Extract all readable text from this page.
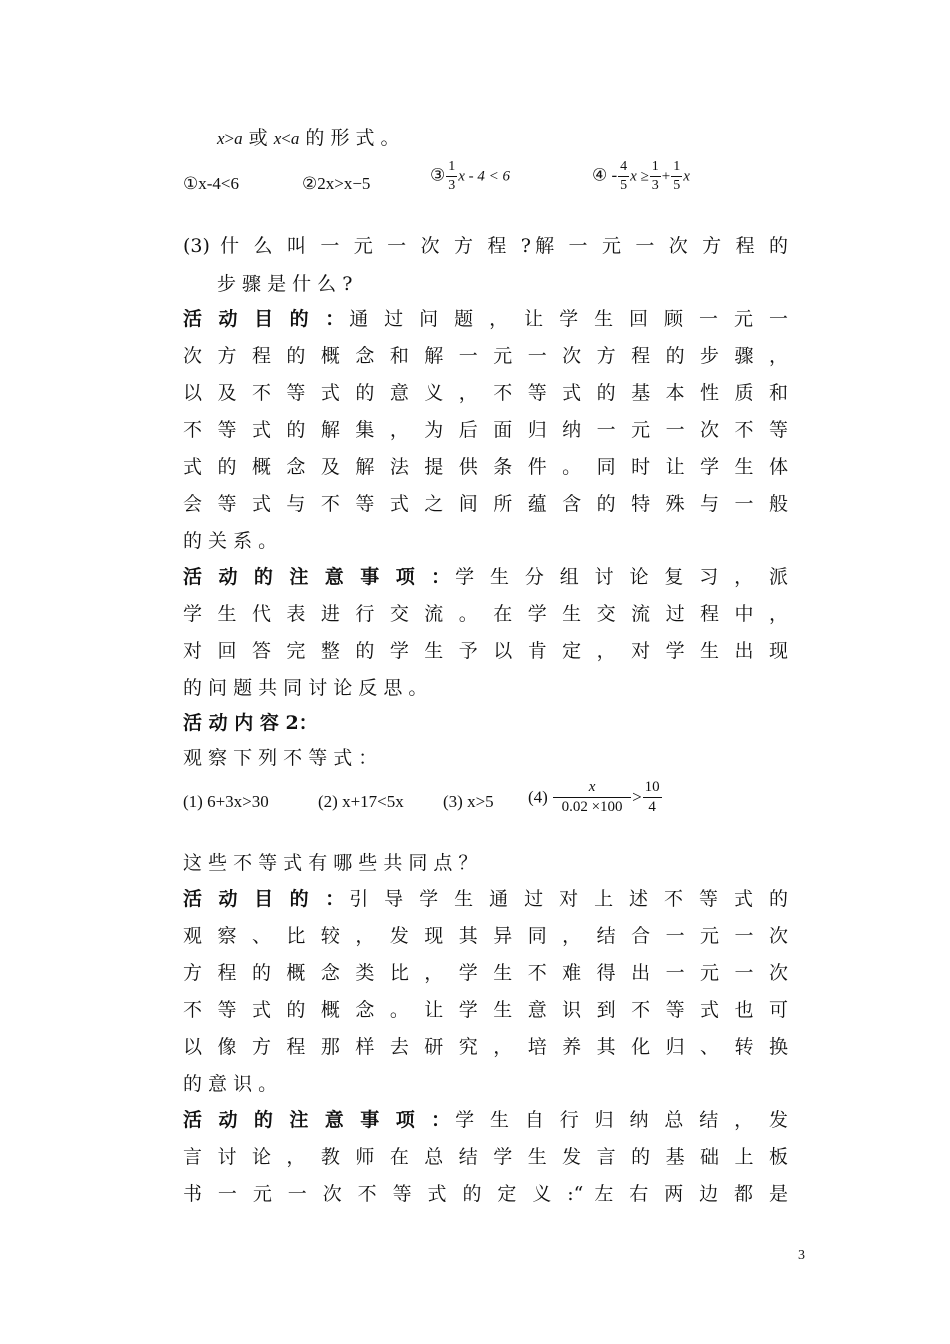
x>a 或 x<a 的 形 式 。
①x-4<6	②2x>x−5	③ $\frac{1}{3}$ x - 4 < 6	④ - $\frac{4}{5}$ $x \ge \frac{1}{3} + \frac{1}{5}$ x
(3) 什 么 叫 一 元 一 次 方 程 ?解 一 元 一 次 方 程 的
步 骤 是 什 么 ?
活 动 目 的 ：通 过 问 题 ， 让 学 生 回 顾 一 元 一
次 方 程 的 概 念 和 解 一 元 一 次 方 程 的 步 骤 ，
以 及 不 等 式 的 意 义 ， 不 等 式 的 基 本 性 质 和
不 等 式 的 解 集 ， 为 后 面 归 纳 一 元 一 次 不 等
式 的 概 念 及 解 法 提 供 条 件 。 同 时 让 学 生 体
会 等 式 与 不 等 式 之 间 所 蕴 含 的 特 殊 与 一 般
的 关 系 。
活 动 的 注 意 事 项 ：学 生 分 组 讨 论 复 习 ， 派
学 生 代 表 进 行 交 流 。 在 学 生 交 流 过 程 中 ，
对 回 答 完 整 的 学 生 予 以 肯 定 ， 对 学 生 出 现
的 问 题 共 同 讨 论 反 思 。
活 动 内 容 2：
观 察 下 列 不 等 式 ：
(1) 6+3x>30	(2) x+17<5x (3) x>5 $(4) \frac{x}{0.02 \times 100} > \frac{10}{4}$
这 些 不 等 式 有 哪 些 共 同 点 ？
活 动 目 的 ：引 导 学 生 通 过 对 上 述 不 等 式 的
观 察 、 比 较 ， 发 现 其 异 同 ， 结 合 一 元 一 次
方 程 的 概 念 类 比 ， 学 生 不 难 得 出 一 元 一 次
不 等 式 的 概 念 。 让 学 生 意 识 到 不 等 式 也 可
以 像 方 程 那 样 去 研 究 ， 培 养 其 化 归 、 转 换
的 意 识 。
活 动 的 注 意 事 项 ：学 生 自 行 归 纳 总 结 ， 发
言 讨 论 ， 教 师 在 总 结 学 生 发 言 的 基 础 上 板
书 一 元 一 次 不 等 式 的 定 义 :“ 左 右 两 边 都 是
3
